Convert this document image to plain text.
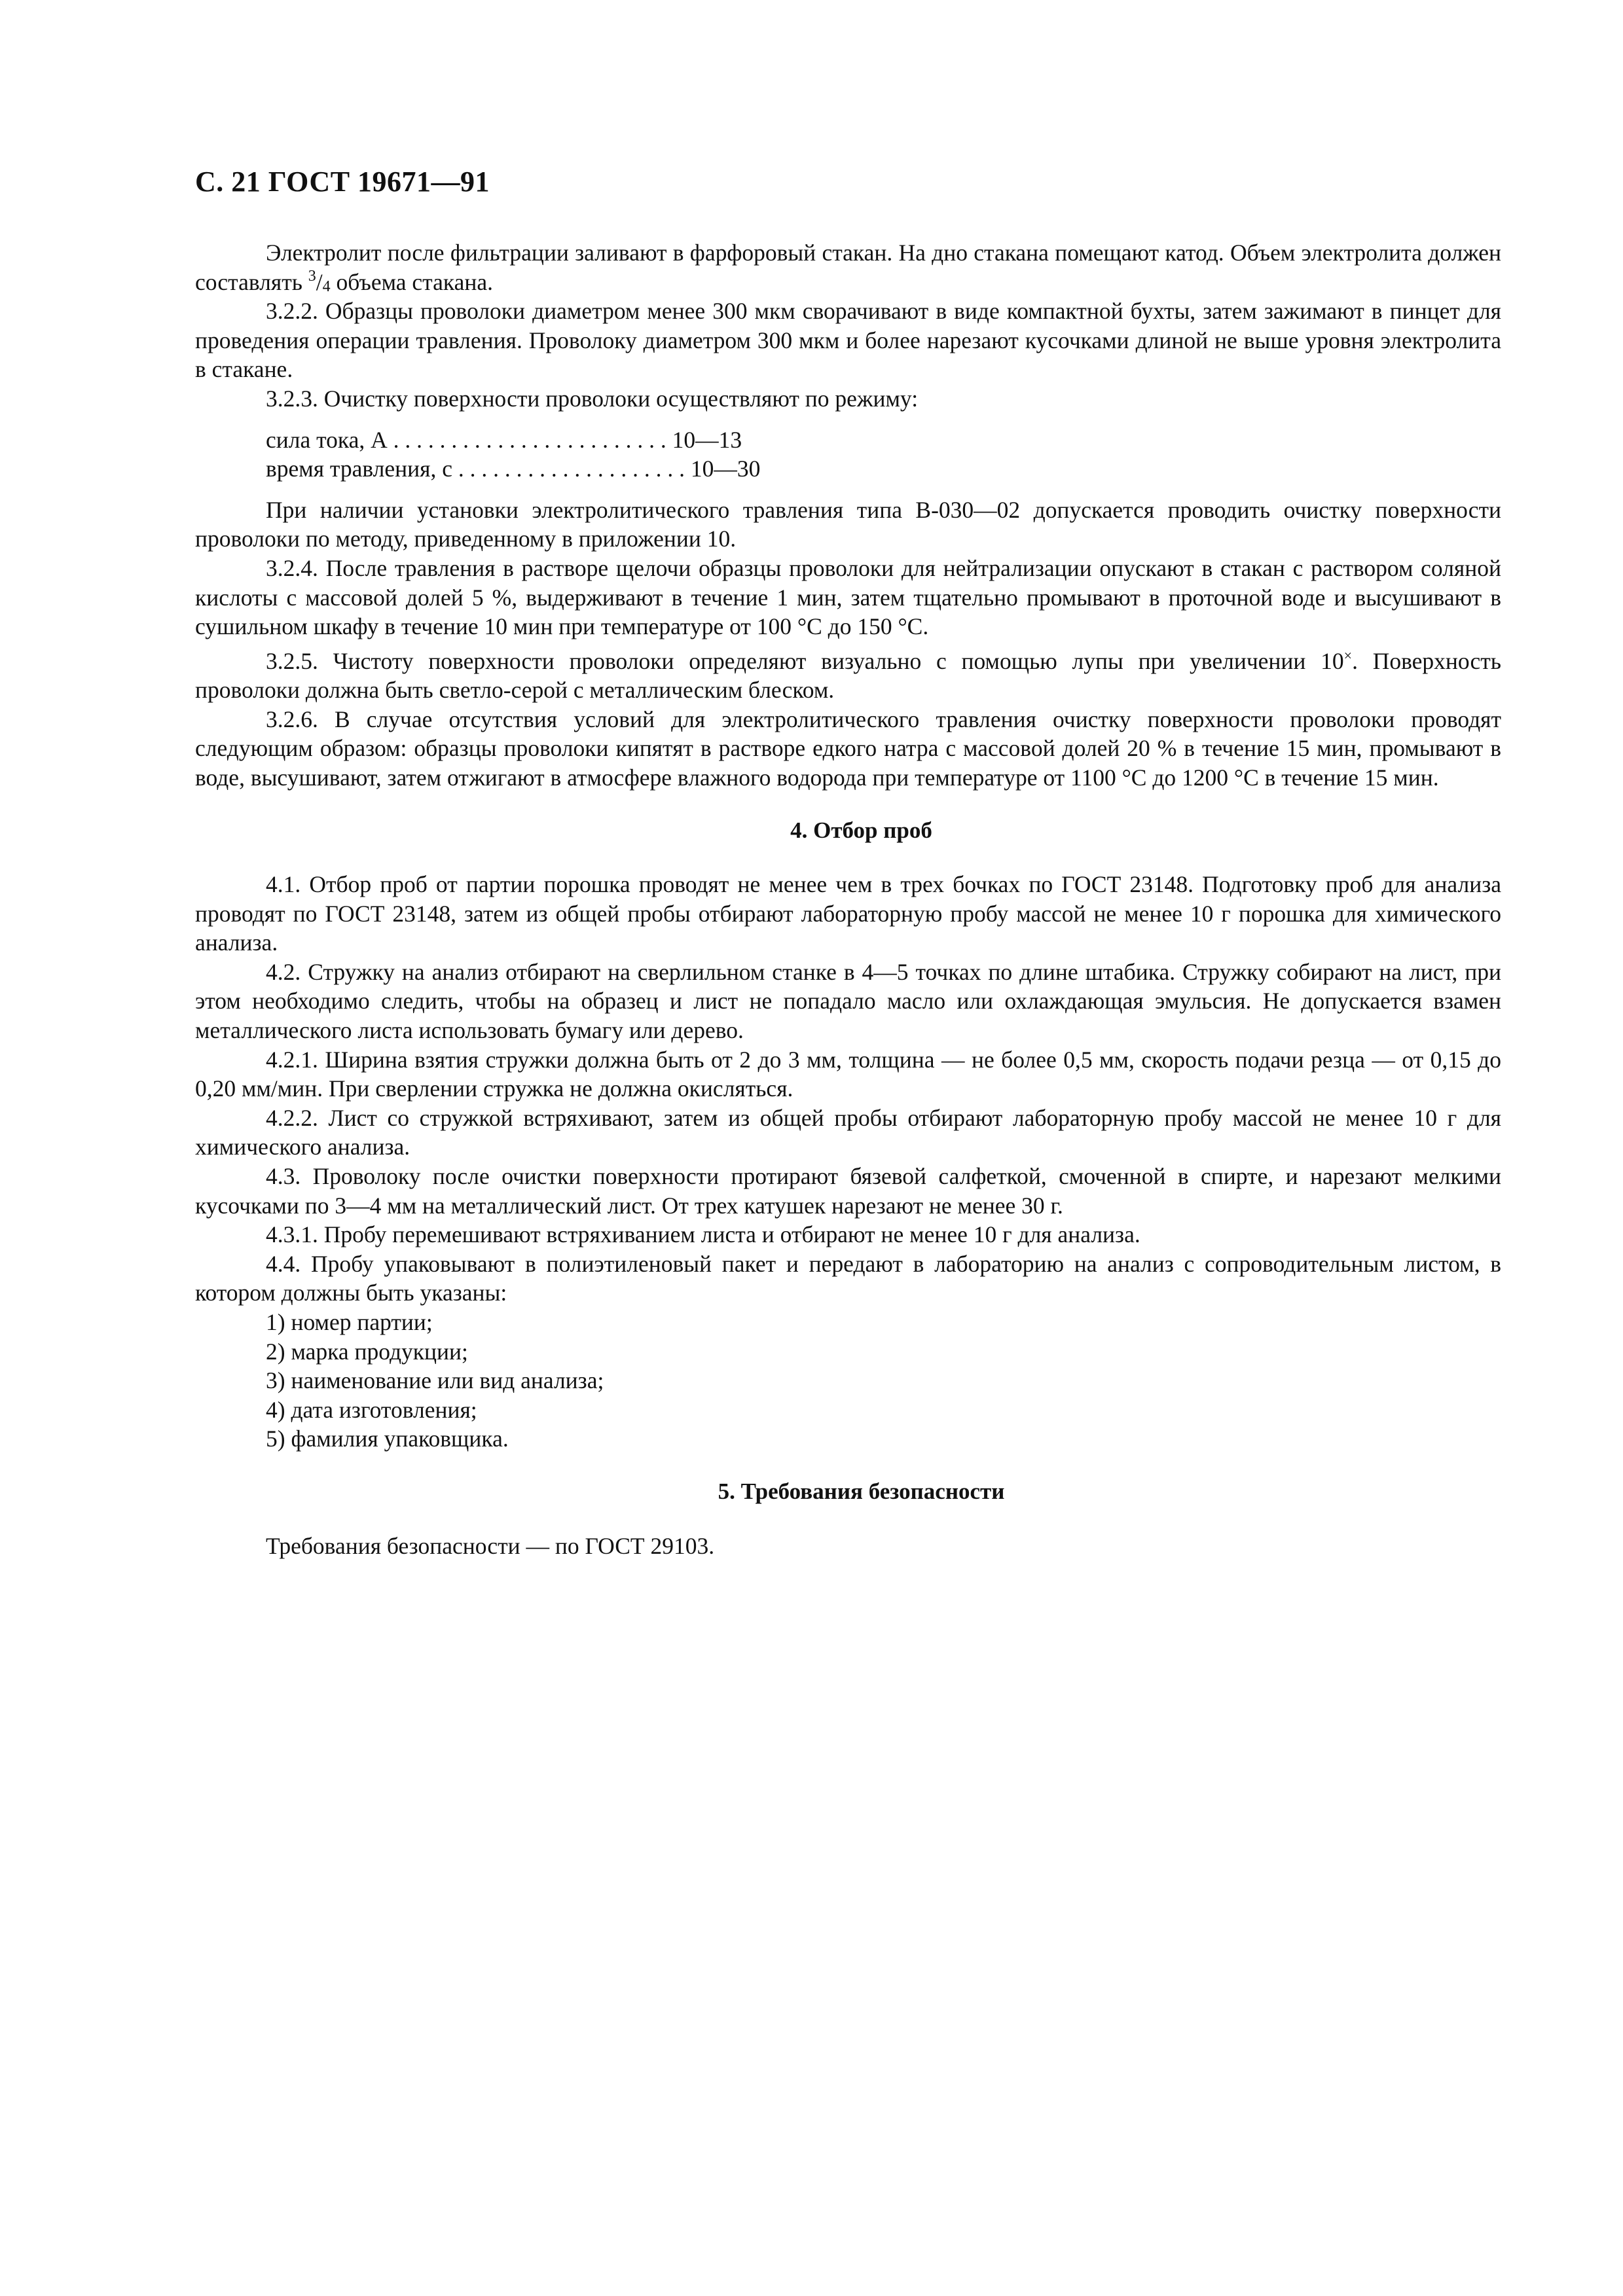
С. 21 ГОСТ 19671—91

Электролит после фильтрации заливают в фарфоровый стакан. На дно стакана помещают катод. Объем электролита должен составлять $^3/_4$ объема стакана.

3.2.2. Образцы проволоки диаметром менее 300 мкм сворачивают в виде компактной бухты, затем зажимают в пинцет для проведения операции травления. Проволоку диаметром 300 мкм и более нарезают кусочками длиной не выше уровня электролита в стакане.

3.2.3. Очистку поверхности проволоки осуществляют по режиму:

сила тока, А . . . . . . . . . . . . . . . . . . . . . . . . 10—13
время травления, с . . . . . . . . . . . . . . . . . . . . 10—30

При наличии установки электролитического травления типа В-030—02 допускается проводить очистку поверхности проволоки по методу, приведенному в приложении 10.

3.2.4. После травления в растворе щелочи образцы проволоки для нейтрализации опускают в стакан с раствором соляной кислоты с массовой долей 5 %, выдерживают в течение 1 мин, затем тщательно промывают в проточной воде и высушивают в сушильном шкафу в течение 10 мин при температуре от 100 °С до 150 °С.

3.2.5. Чистоту поверхности проволоки определяют визуально с помощью лупы при увеличении 10×. Поверхность проволоки должна быть светло-серой с металлическим блеском.

3.2.6. В случае отсутствия условий для электролитического травления очистку поверхности проволоки проводят следующим образом: образцы проволоки кипятят в растворе едкого натра с массовой долей 20 % в течение 15 мин, промывают в воде, высушивают, затем отжигают в атмосфере влажного водорода при температуре от 1100 °С до 1200 °С в течение 15 мин.

4. Отбор проб

4.1. Отбор проб от партии порошка проводят не менее чем в трех бочках по ГОСТ 23148. Подготовку проб для анализа проводят по ГОСТ 23148, затем из общей пробы отбирают лабораторную пробу массой не менее 10 г порошка для химического анализа.

4.2. Стружку на анализ отбирают на сверлильном станке в 4—5 точках по длине штабика. Стружку собирают на лист, при этом необходимо следить, чтобы на образец и лист не попадало масло или охлаждающая эмульсия. Не допускается взамен металлического листа использовать бумагу или дерево.

4.2.1. Ширина взятия стружки должна быть от 2 до 3 мм, толщина — не более 0,5 мм, скорость подачи резца — от 0,15 до 0,20 мм/мин. При сверлении стружка не должна окисляться.

4.2.2. Лист со стружкой встряхивают, затем из общей пробы отбирают лабораторную пробу массой не менее 10 г для химического анализа.

4.3. Проволоку после очистки поверхности протирают бязевой салфеткой, смоченной в спирте, и нарезают мелкими кусочками по 3—4 мм на металлический лист. От трех катушек нарезают не менее 30 г.

4.3.1. Пробу перемешивают встряхиванием листа и отбирают не менее 10 г для анализа.

4.4. Пробу упаковывают в полиэтиленовый пакет и передают в лабораторию на анализ с сопроводительным листом, в котором должны быть указаны:

1) номер партии;
2) марка продукции;
3) наименование или вид анализа;
4) дата изготовления;
5) фамилия упаковщика.
5. Требования безопасности

Требования безопасности — по ГОСТ 29103.
